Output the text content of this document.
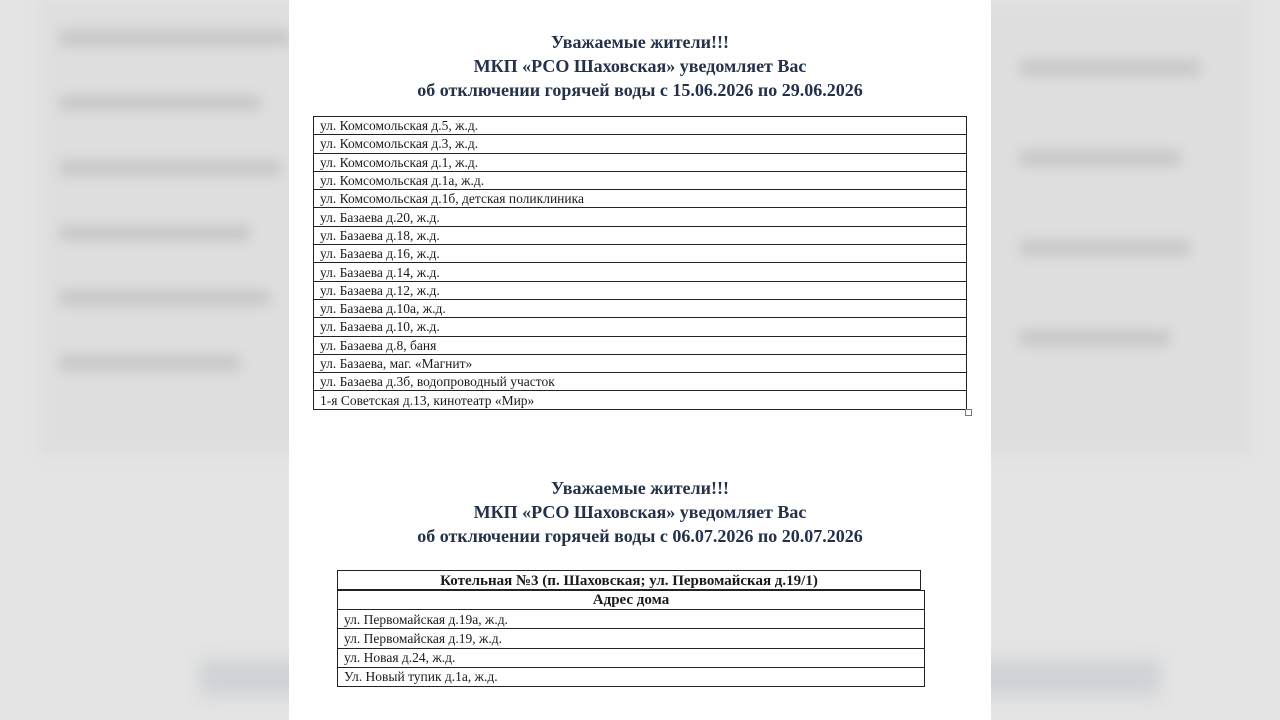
Уважаемые жители!!!
МКП «РСО Шаховская» уведомляет Вас
об отключении горячей воды с 15.06.2026 по 29.06.2026
ул. Комсомольская д.5, ж.д.
ул. Комсомольская д.3, ж.д.
ул. Комсомольская д.1, ж.д.
ул. Комсомольская д.1а, ж.д.
ул. Комсомольская д.1б, детская поликлиника
ул. Базаева д.20, ж.д.
ул. Базаева д.18, ж.д.
ул. Базаева д.16, ж.д.
ул. Базаева д.14, ж.д.
ул. Базаева д.12, ж.д.
ул. Базаева д.10а, ж.д.
ул. Базаева д.10, ж.д.
ул. Базаева д.8, баня
ул. Базаева, маг. «Магнит»
ул. Базаева д.3б, водопроводный участок
1-я Советская д.13, кинотеатр «Мир»
Уважаемые жители!!!
МКП «РСО Шаховская» уведомляет Вас
об отключении горячей воды с 06.07.2026 по 20.07.2026
Котельная №3 (п. Шаховская; ул. Первомайская д.19/1)
Адрес дома
ул. Первомайская д.19а, ж.д.
ул. Первомайская д.19, ж.д.
ул. Новая д.24, ж.д.
Ул. Новый тупик д.1а, ж.д.
